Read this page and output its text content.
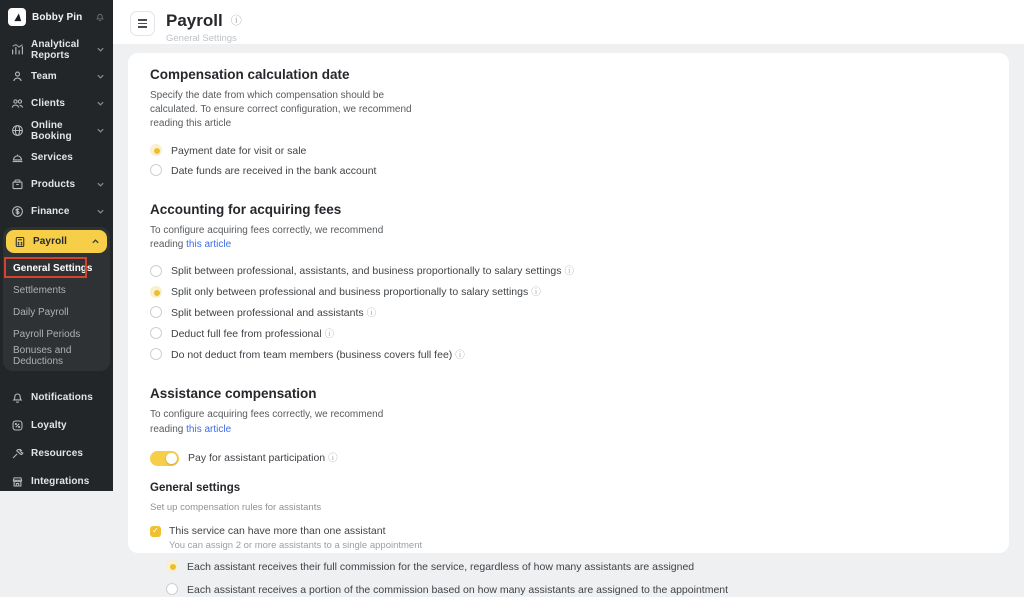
Bobby Pin
Analytical Reports
Team
Clients
Online Booking
Services
Products
Finance
Payroll
General Settings
Settlements
Daily Payroll
Payroll Periods
Bonuses and Deductions
Notifications
Loyalty
Resources
Integrations
Payroll ⓘ
General Settings
Compensation calculation date
Specify the date from which compensation should be
calculated. To ensure correct configuration, we recommend
reading this article
Payment date for visit or sale
Date funds are received in the bank account
Accounting for acquiring fees
To configure acquiring fees correctly, we recommend
reading this article
Split between professional, assistants, and business proportionally to salary settings ⓘ
Split only between professional and business proportionally to salary settings ⓘ
Split between professional and assistants ⓘ
Deduct full fee from professional ⓘ
Do not deduct from team members (business covers full fee) ⓘ
Assistance compensation
To configure acquiring fees correctly, we recommend
reading this article
Pay for assistant participation ⓘ
General settings
Set up compensation rules for assistants
✓ This service can have more than one assistant
You can assign 2 or more assistants to a single appointment
Each assistant receives their full commission for the service, regardless of how many assistants are assigned
Each assistant receives a portion of the commission based on how many assistants are assigned to the appointment
